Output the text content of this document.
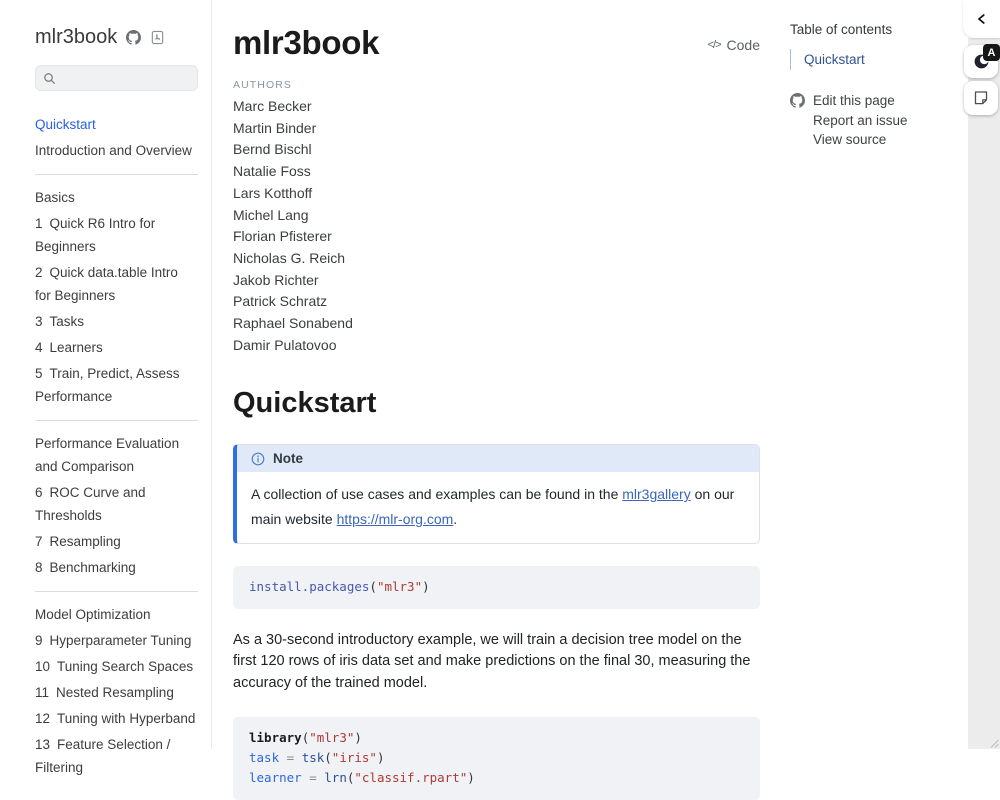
mlr3book
Quickstart
Introduction and Overview
Basics
1 Quick R6 Intro for Beginners
2 Quick data.table Intro for Beginners
3 Tasks
4 Learners
5 Train, Predict, Assess Performance
Performance Evaluation and Comparison
6 ROC Curve and Thresholds
7 Resampling
8 Benchmarking
Model Optimization
9 Hyperparameter Tuning
10 Tuning Search Spaces
11 Nested Resampling
12 Tuning with Hyperband
13 Feature Selection / Filtering
mlr3book	</> Code
AUTHORS
Marc Becker
Martin Binder
Bernd Bischl
Natalie Foss
Lars Kotthoff
Michel Lang
Florian Pfisterer
Nicholas G. Reich
Jakob Richter
Patrick Schratz
Raphael Sonabend
Damir Pulatovoo
Quickstart
Note
A collection of use cases and examples can be found in the mlr3gallery on our main website https://mlr-org.com.
install.packages("mlr3")

As a 30-second introductory example, we will train a decision tree model on the first 120 rows of iris data set and make predictions on the final 30, measuring the accuracy of the trained model.

library("mlr3")
task = tsk("iris")
learner = lrn("classif.rpart")
Table of contents
Quickstart
Edit this page
Report an issue
View source
A
